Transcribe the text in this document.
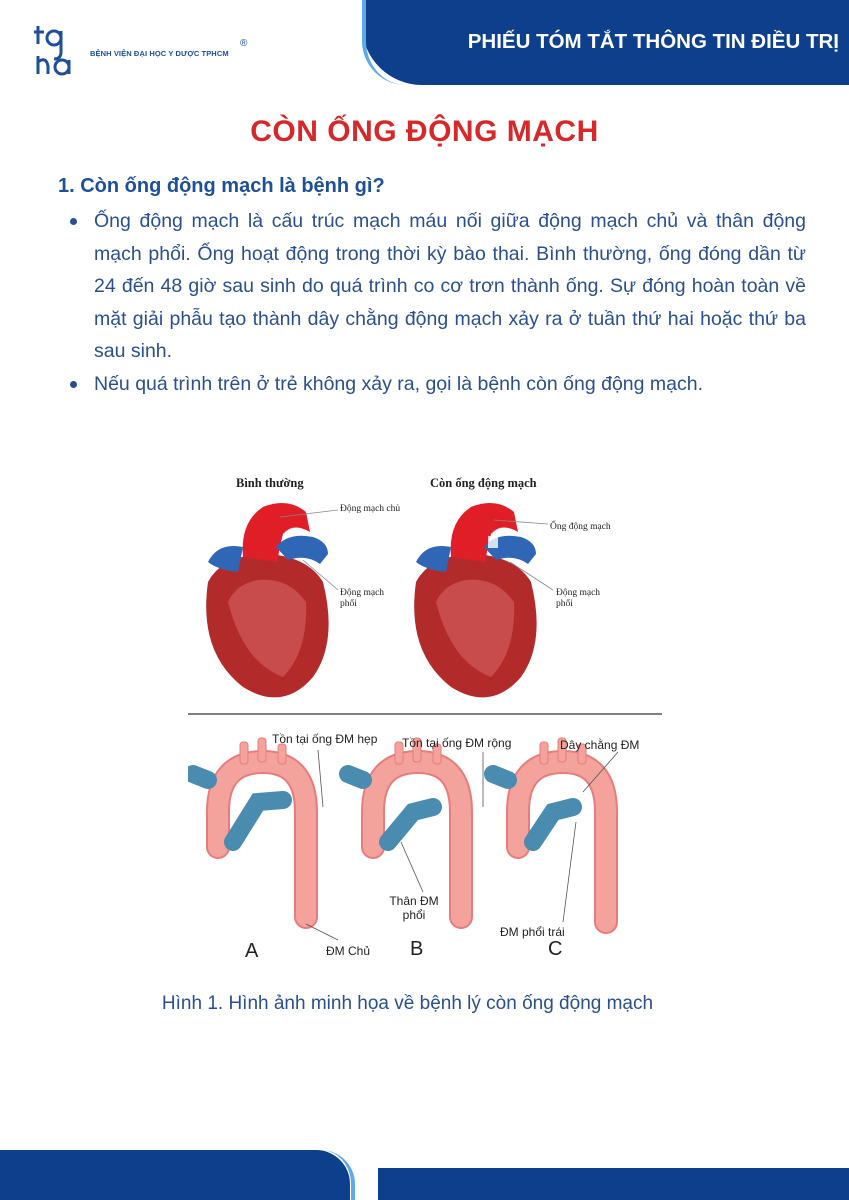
BỆNH VIỆN ĐẠI HỌC Y DƯỢC TPHCM
®	PHIẾU TÓM TẮT THÔNG TIN ĐIỀU TRỊ
CÒN ỐNG ĐỘNG MẠCH
1. Còn ống động mạch là bệnh gì?
Ống động mạch là cấu trúc mạch máu nối giữa động mạch chủ và thân động mạch phổi. Ống hoạt động trong thời kỳ bào thai. Bình thường, ống đóng dần từ 24 đến 48 giờ sau sinh do quá trình co cơ trơn thành ống. Sự đóng hoàn toàn về mặt giải phẫu tạo thành dây chằng động mạch xảy ra ở tuần thứ hai hoặc thứ ba sau sinh.
Nếu quá trình trên ở trẻ không xảy ra, gọi là bệnh còn ống động mạch.
Bình thường	Còn ống động mạch
Động mạch chủ
Động mạch phổi
Ống động mạch
Động mạch phổi
Tồn tại ống ĐM hẹp Tồn tại ống ĐM rộng	Dây chằng ĐM
Thân ĐM phổi
ĐM Chủ
ĐM phổi trái
A	B	C
Hình 1. Hình ảnh minh họa về bệnh lý còn ống động mạch
